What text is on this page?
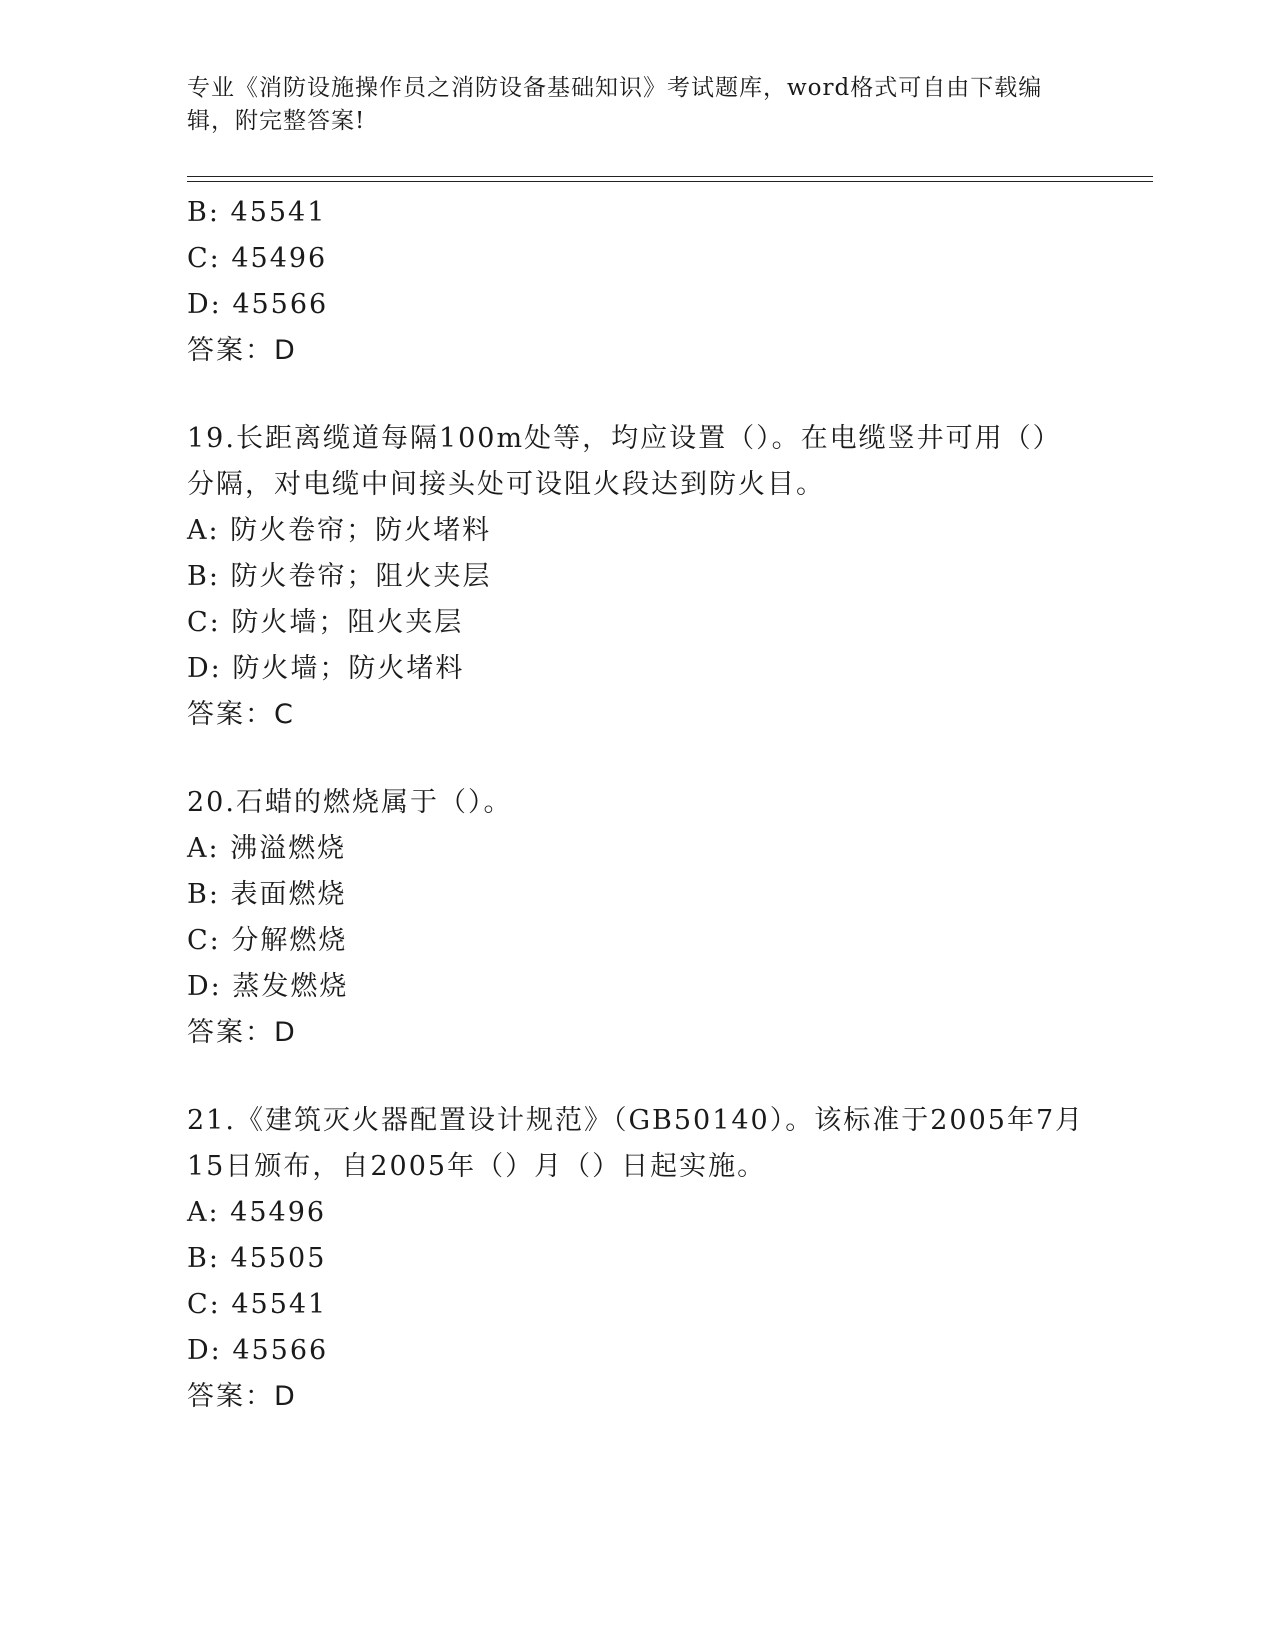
专业《消防设施操作员之消防设备基础知识》考试题库，word格式可自由下载编辑，附完整答案!
B: 45541
C: 45496
D: 45566
答案：D
19.长距离缆道每隔100m处等，均应设置（）。在电缆竖井可用（）分隔，对电缆中间接头处可设阻火段达到防火目。
A: 防火卷帘；防火堵料
B: 防火卷帘；阻火夹层
C: 防火墙；阻火夹层
D: 防火墙；防火堵料
答案：C
20.石蜡的燃烧属于（）。
A: 沸溢燃烧
B: 表面燃烧
C: 分解燃烧
D: 蒸发燃烧
答案：D
21.《建筑灭火器配置设计规范》（GB50140）。该标准于2005年7月15日颁布，自2005年（）月（）日起实施。
A: 45496
B: 45505
C: 45541
D: 45566
答案：D
